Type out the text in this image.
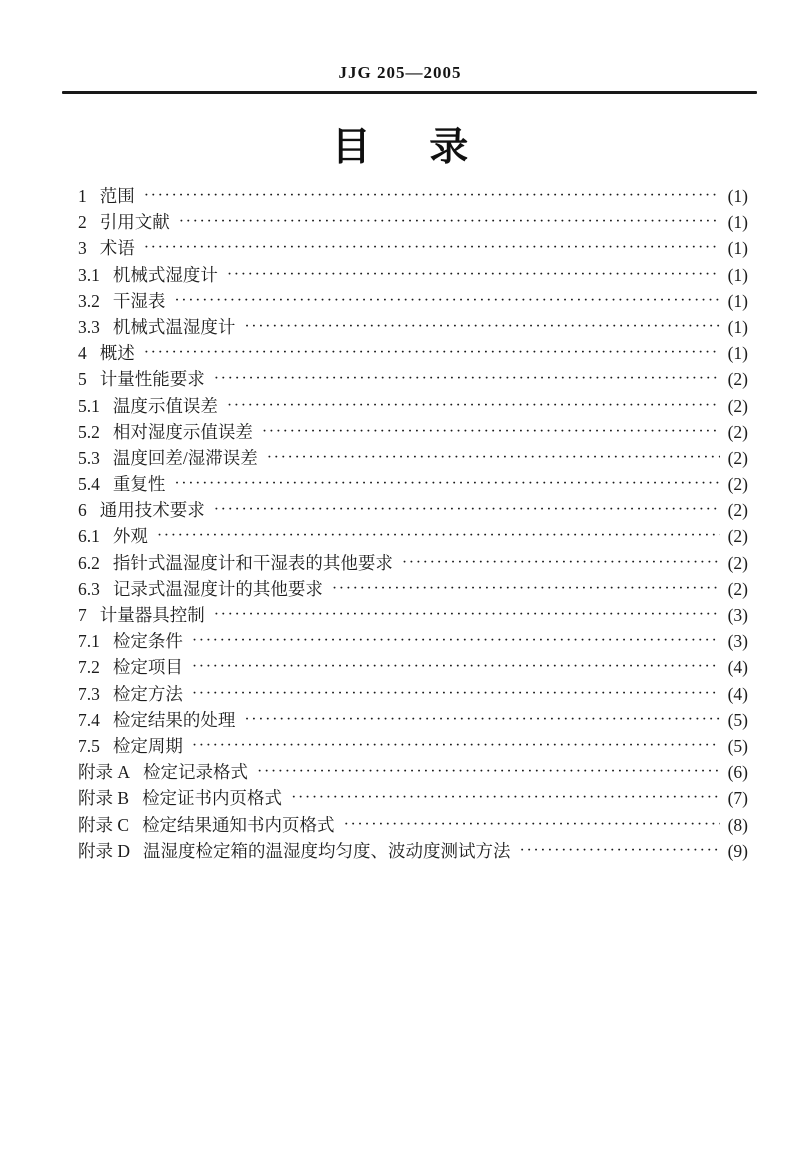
JJG 205—2005
目      录
1 范围 ·····	(1)
2 引用文献 ·····	(1)
3 术语 ·····	(1)
3.1 机械式湿度计 ·····	(1)
3.2 干湿表 ·····	(1)
3.3 机械式温湿度计 ·····	(1)
4 概述 ·····	(1)
5 计量性能要求 ·····	(2)
5.1 温度示值误差 ·····	(2)
5.2 相对湿度示值误差 ·····	(2)
5.3 温度回差/湿滞误差 ·····	(2)
5.4 重复性 ·····	(2)
6 通用技术要求 ·····	(2)
6.1 外观 ·····	(2)
6.2 指针式温湿度计和干湿表的其他要求 ·····	(2)
6.3 记录式温湿度计的其他要求 ·····	(2)
7 计量器具控制 ·····	(3)
7.1 检定条件 ·····	(3)
7.2 检定项目 ·····	(4)
7.3 检定方法 ·····	(4)
7.4 检定结果的处理 ·····	(5)
7.5 检定周期 ·····	(5)
附录 A 检定记录格式 ·····	(6)
附录 B 检定证书内页格式 ·····	(7)
附录 C 检定结果通知书内页格式 ·····	(8)
附录 D 温湿度检定箱的温湿度均匀度、波动度测试方法 ·····	(9)
